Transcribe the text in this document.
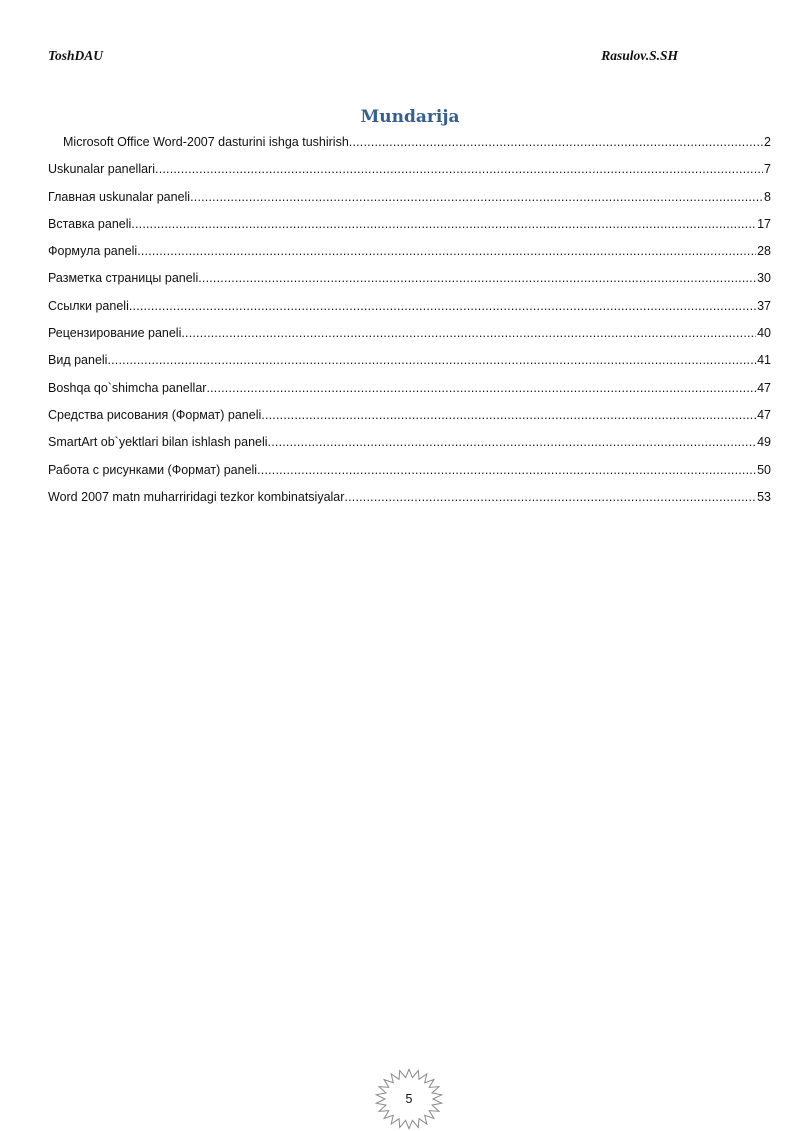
ToshDAU	Rasulov.S.SH
Mundarija
Microsoft Office Word-2007 dasturini ishga tushirish .....	2
Uskunalar panellari .....	7
Главная uskunalar paneli .....	8
Вставка paneli .....	17
Формула paneli .....	28
Разметка страницы paneli .....	30
Ссылки paneli .....	37
Рецензирование paneli .....	40
Вид paneli .....	41
Boshqa qo`shimcha panellar .....	47
Средства рисования (Формат) paneli .....	47
SmartArt ob`yektlari bilan ishlash paneli .....	49
Работа с рисунками (Формат) paneli .....	50
Word 2007 matn muharriridagi tezkor kombinatsiyalar .....	53
5
